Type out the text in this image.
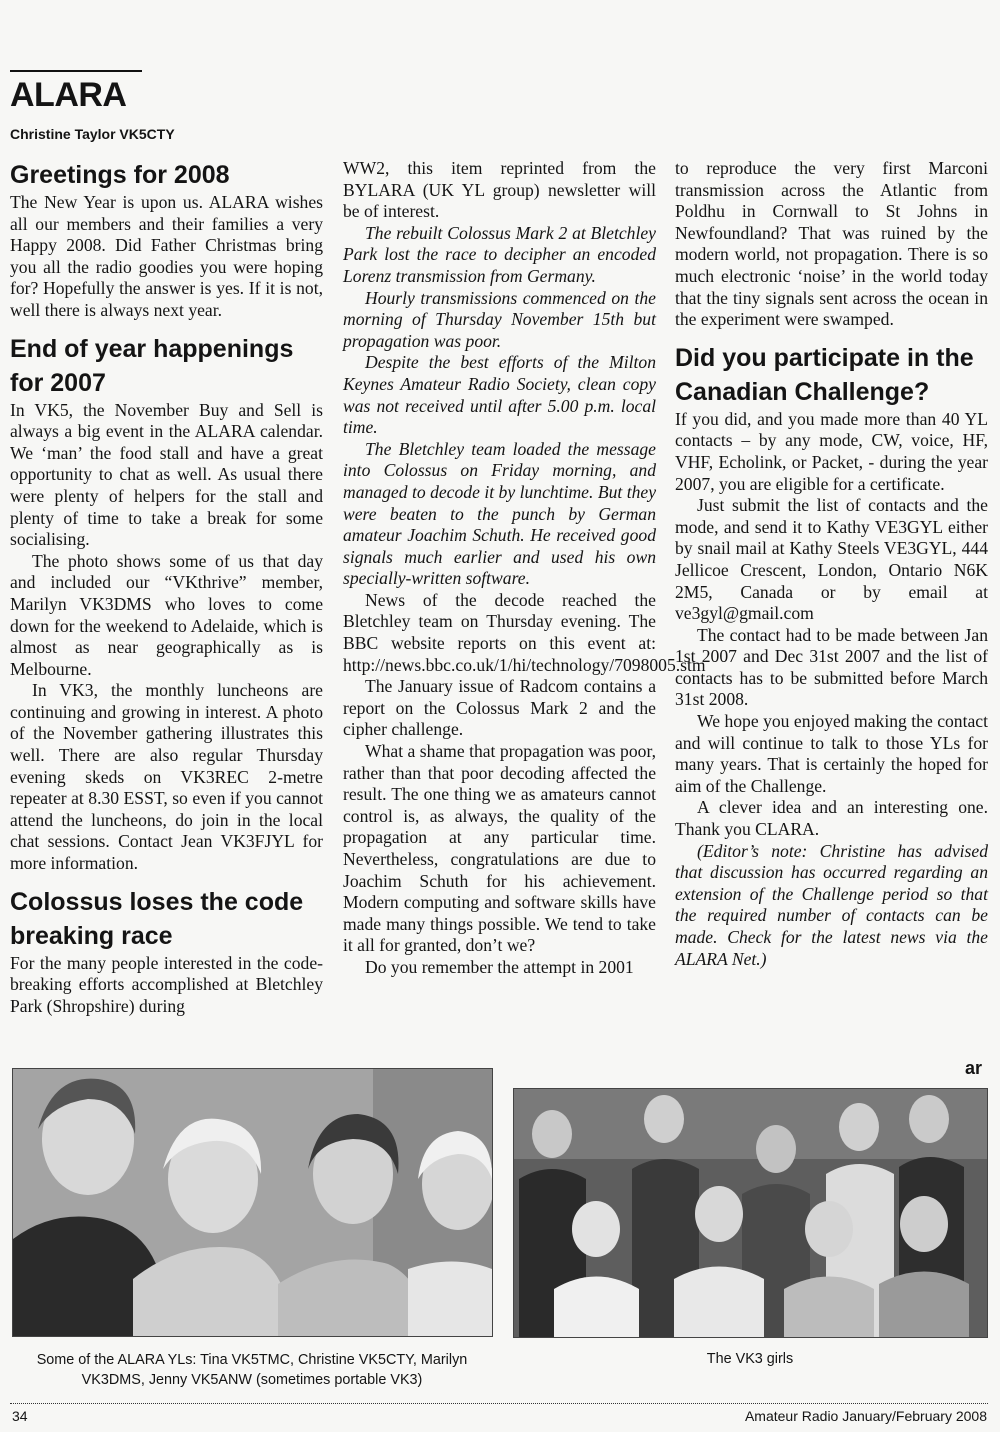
ALARA

Christine Taylor VK5CTY

Greetings for 2008

The New Year is upon us. ALARA wishes all our members and their families a very Happy 2008. Did Father Christmas bring you all the radio goodies you were hoping for? Hopefully the answer is yes. If it is not, well there is always next year.

End of year happenings for 2007

In VK5, the November Buy and Sell is always a big event in the ALARA calendar. We ‘man’ the food stall and have a great opportunity to chat as well. As usual there were plenty of helpers for the stall and plenty of time to take a break for some socialising.

The photo shows some of us that day and included our “VKthrive” member, Marilyn VK3DMS who loves to come down for the weekend to Adelaide, which is almost as near geographically as is Melbourne.

In VK3, the monthly luncheons are continuing and growing in interest. A photo of the November gathering illustrates this well. There are also regular Thursday evening skeds on VK3REC 2-metre repeater at 8.30 ESST, so even if you cannot attend the luncheons, do join in the local chat sessions. Contact Jean VK3FJYL for more information.

Colossus loses the code breaking race

For the many people interested in the code-breaking efforts accomplished at Bletchley Park (Shropshire) during

WW2, this item reprinted from the BYLARA (UK YL group) newsletter will be of interest.

The rebuilt Colossus Mark 2 at Bletchley Park lost the race to decipher an encoded Lorenz transmission from Germany.

Hourly transmissions commenced on the morning of Thursday November 15th but propagation was poor.

Despite the best efforts of the Milton Keynes Amateur Radio Society, clean copy was not received until after 5.00 p.m. local time.

The Bletchley team loaded the message into Colossus on Friday morning, and managed to decode it by lunchtime. But they were beaten to the punch by German amateur Joachim Schuth. He received good signals much earlier and used his own specially-written software.

News of the decode reached the Bletchley team on Thursday evening. The BBC website reports on this event at: http://news.bbc.co.uk/1/hi/technology/7098005.stm

The January issue of Radcom contains a report on the Colossus Mark 2 and the cipher challenge.

What a shame that propagation was poor, rather than that poor decoding affected the result. The one thing we as amateurs cannot control is, as always, the quality of the propagation at any particular time. Nevertheless, congratulations are due to Joachim Schuth for his achievement. Modern computing and software skills have made many things possible. We tend to take it all for granted, don’t we?

Do you remember the attempt in 2001

to reproduce the very first Marconi transmission across the Atlantic from Poldhu in Cornwall to St Johns in Newfoundland? That was ruined by the modern world, not propagation. There is so much electronic ‘noise’ in the world today that the tiny signals sent across the ocean in the experiment were swamped.

Did you participate in the Canadian Challenge?

If you did, and you made more than 40 YL contacts – by any mode, CW, voice, HF, VHF, Echolink, or Packet, - during the year 2007, you are eligible for a certificate.

Just submit the list of contacts and the mode, and send it to Kathy VE3GYL either by snail mail at Kathy Steels VE3GYL, 444 Jellicoe Crescent, London, Ontario N6K 2M5, Canada or by email at ve3gyl@gmail.com

The contact had to be made between Jan 1st 2007 and Dec 31st 2007 and the list of contacts has to be submitted before March 31st 2008.

We hope you enjoyed making the contact and will continue to talk to those YLs for many years. That is certainly the hoped for aim of the Challenge.

A clever idea and an interesting one. Thank you CLARA.

(Editor’s note: Christine has advised that discussion has occurred regarding an extension of the Challenge period so that the required number of contacts can be made. Check for the latest news via the ALARA Net.)

ar

Some of the ALARA YLs: Tina VK5TMC, Christine VK5CTY, Marilyn VK3DMS, Jenny VK5ANW (sometimes portable VK3)

The VK3 girls

34	Amateur Radio January/February 2008
